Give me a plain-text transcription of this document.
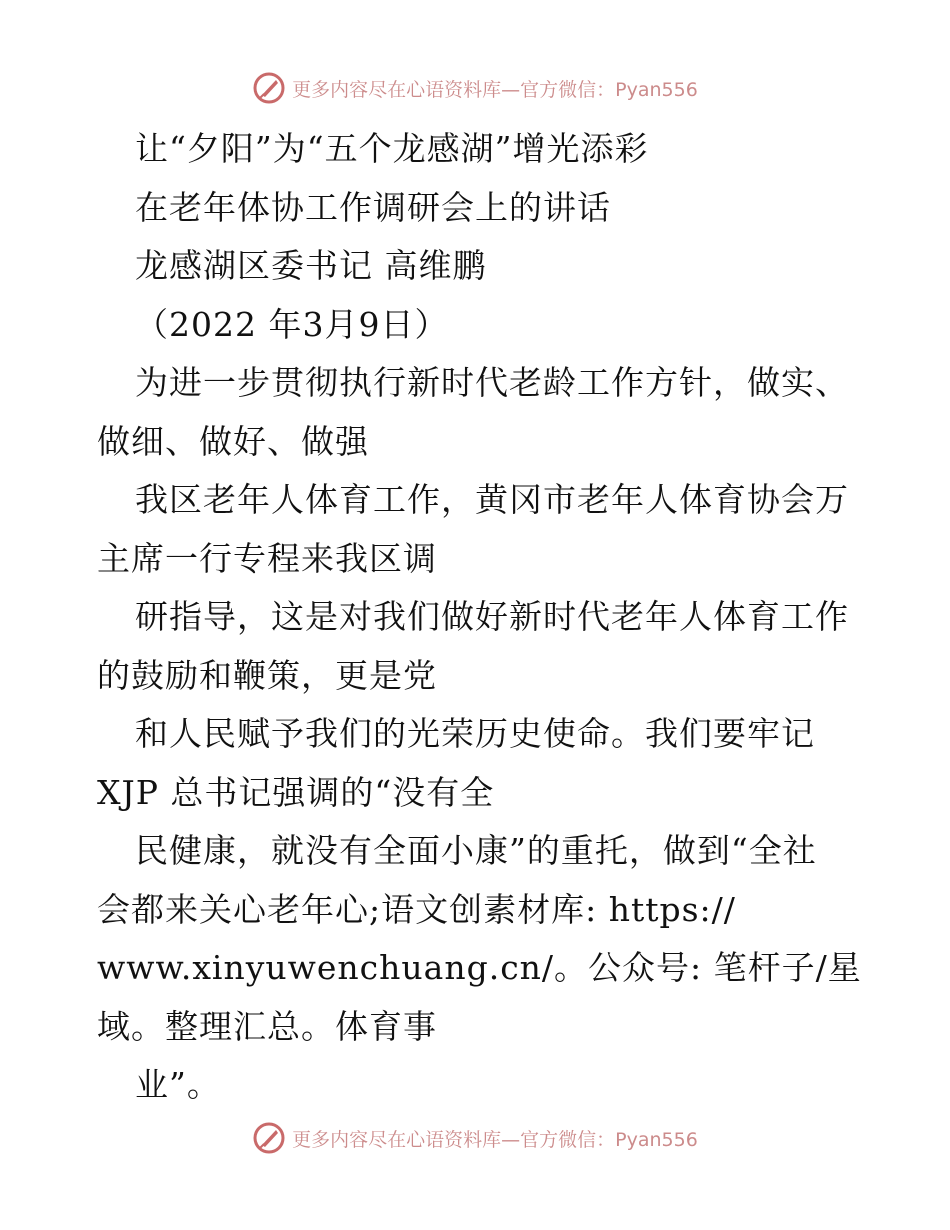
更多内容尽在心语资料库—官方微信：Pyan556
让“夕阳”为“五个龙感湖”增光添彩
在老年体协工作调研会上的讲话
龙感湖区委书记 高维鹏
（2022 年3月9日）
为进一步贯彻执行新时代老龄工作方针，做实、
做细、做好、做强
我区老年人体育工作，黄冈市老年人体育协会万
主席一行专程来我区调
研指导，这是对我们做好新时代老年人体育工作
的鼓励和鞭策，更是党
和人民赋予我们的光荣历史使命。我们要牢记
XJP 总书记强调的“没有全
民健康，就没有全面小康”的重托，做到“全社
会都来关心老年心;语文创素材库: https://
www.xinyuwenchuang.cn/。公众号: 笔杆子/星
域。整理汇总。体育事
业”。
更多内容尽在心语资料库—官方微信：Pyan556
